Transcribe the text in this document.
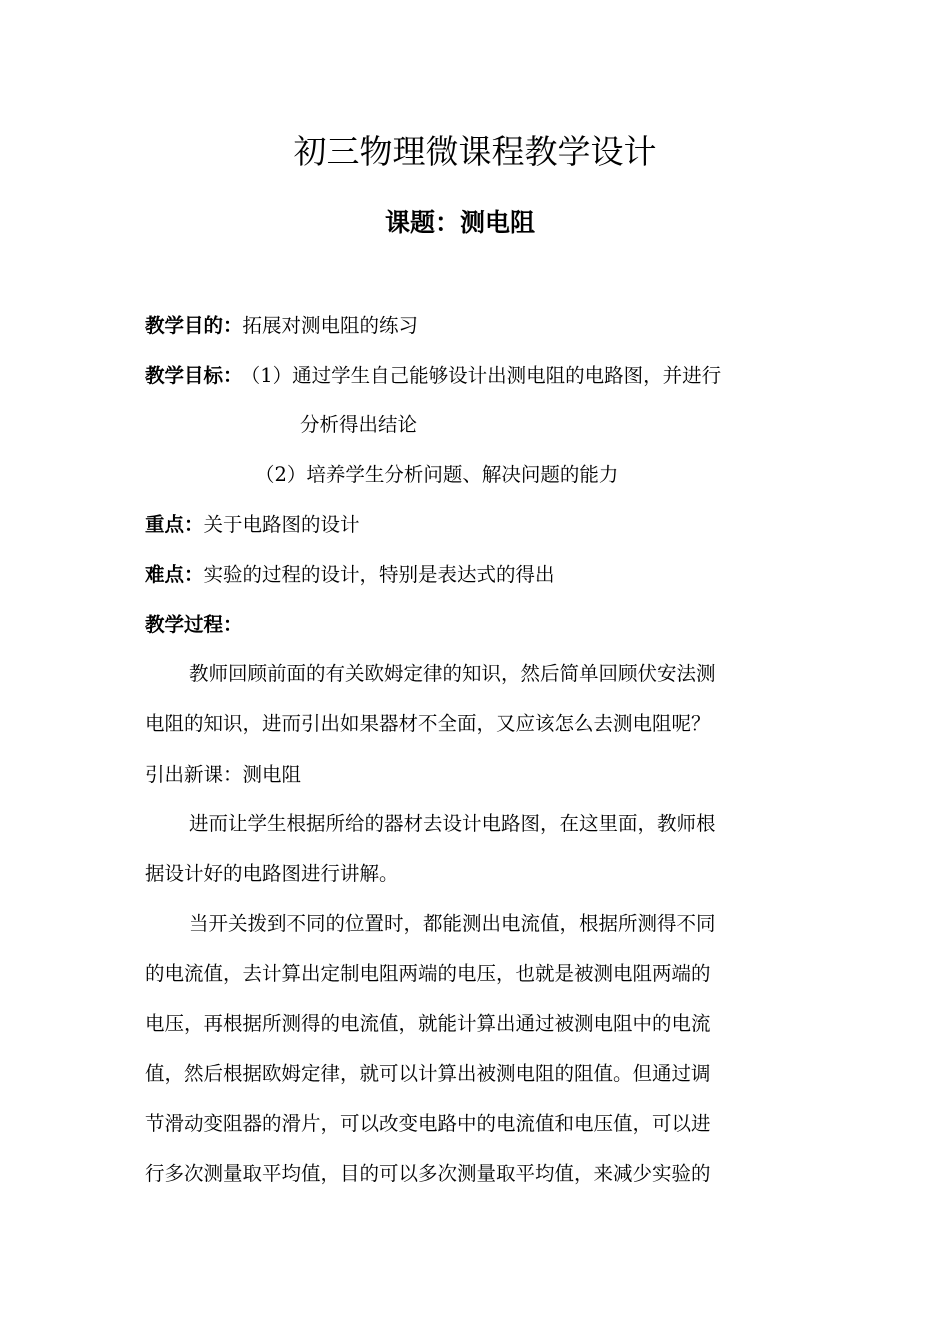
初三物理微课程教学设计
课题：测电阻

教学目的：拓展对测电阻的练习

教学目标： （1）通过学生自己能够设计出测电阻的电路图，并进行

分析得出结论

（2）培养学生分析问题、解决问题的能力

重点：关于电路图的设计

难点：实验的过程的设计，特别是表达式的得出

教学过程：

教师回顾前面的有关欧姆定律的知识，然后简单回顾伏安法测
电阻的知识，进而引出如果器材不全面，又应该怎么去测电阻呢？

引出新课：测电阻

进而让学生根据所给的器材去设计电路图，在这里面，教师根
据设计好的电路图进行讲解。
当开关拨到不同的位置时，都能测出电流值，根据所测得不同
的电流值，去计算出定制电阻两端的电压，也就是被测电阻两端的
电压，再根据所测得的电流值，就能计算出通过被测电阻中的电流
值，然后根据欧姆定律，就可以计算出被测电阻的阻值。但通过调
节滑动变阻器的滑片，可以改变电路中的电流值和电压值，可以进
行多次测量取平均值，目的可以多次测量取平均值，来减少实验的
